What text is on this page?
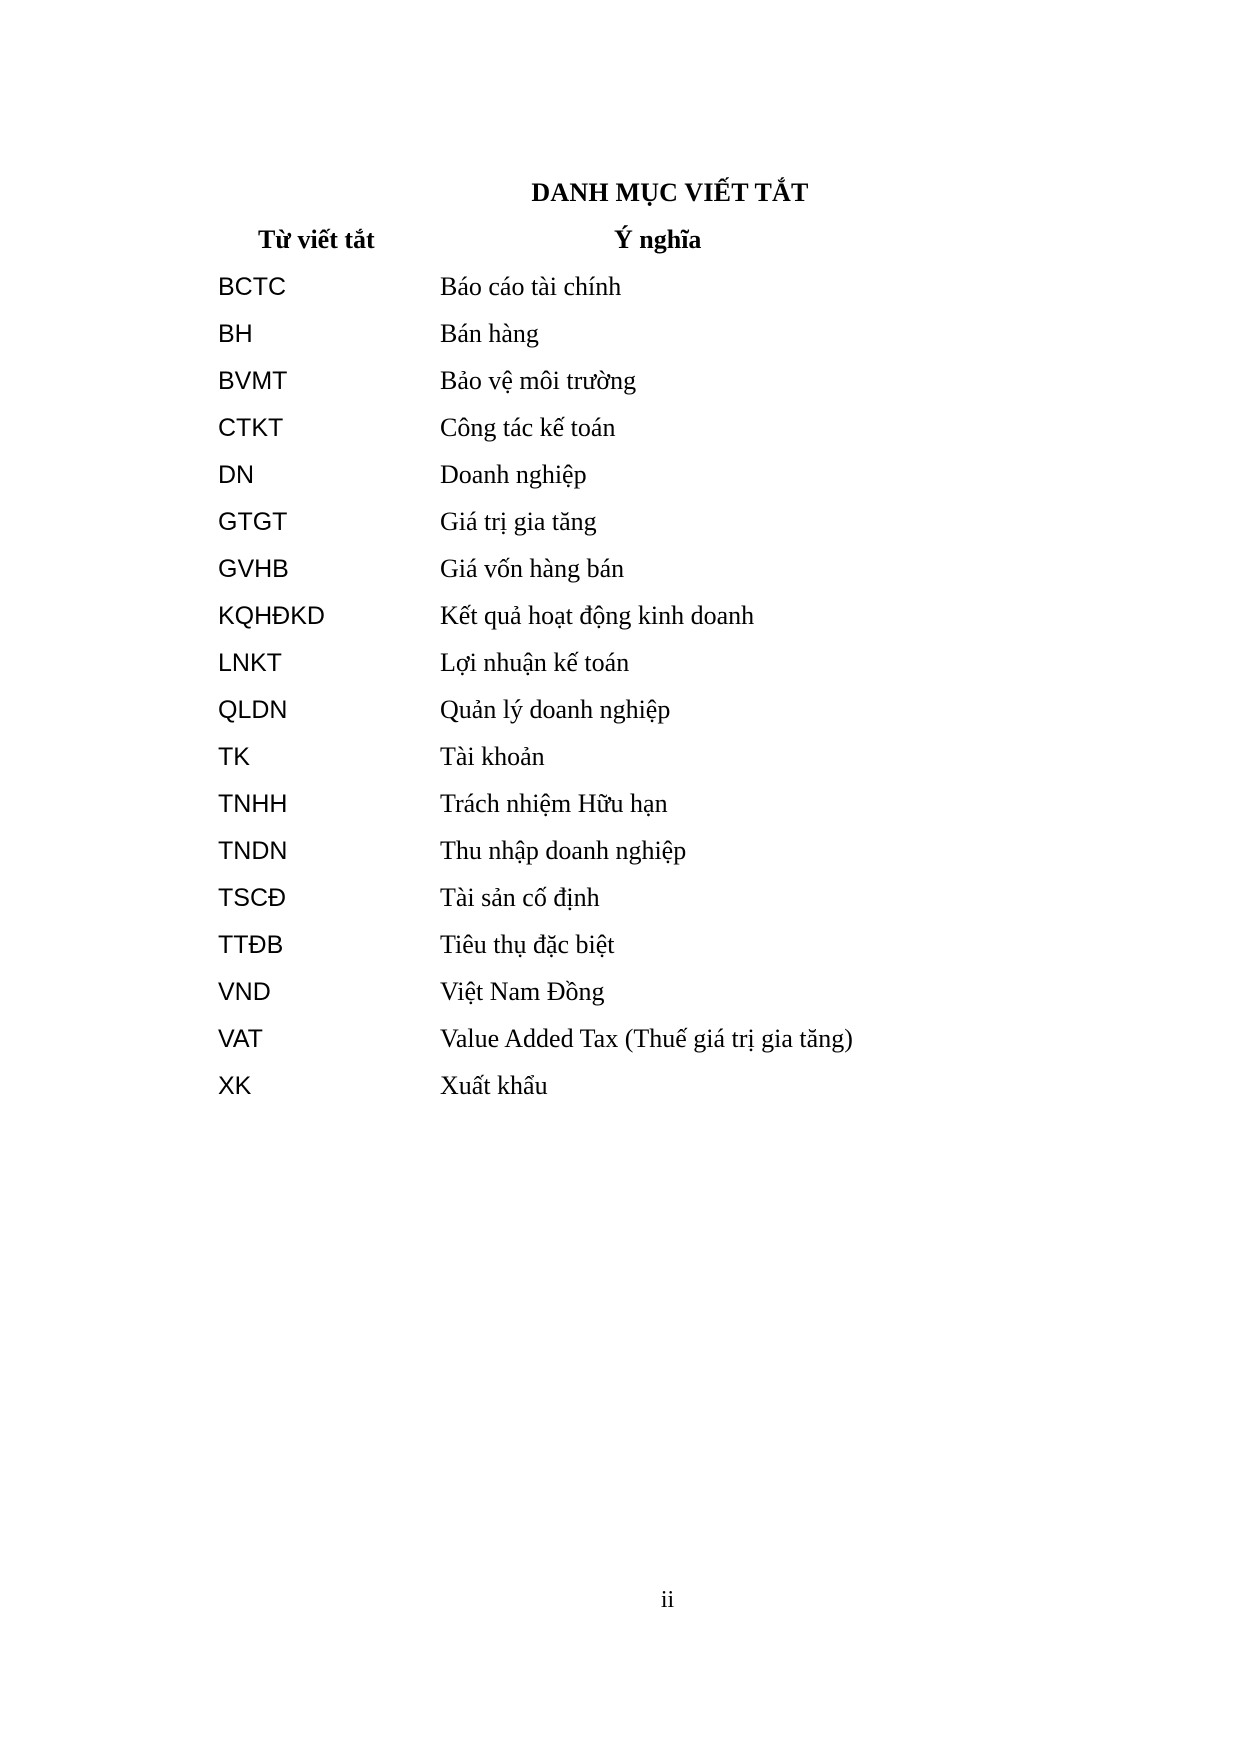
DANH MỤC VIẾT TẮT
Từ viết tắt	Ý nghĩa
BCTC	Báo cáo tài chính
BH	Bán hàng
BVMT	Bảo vệ môi trường
CTKT	Công tác kế toán
DN	Doanh nghiệp
GTGT	Giá trị gia tăng
GVHB	Giá vốn hàng bán
KQHĐKD	Kết quả hoạt động kinh doanh
LNKT	Lợi nhuận kế toán
QLDN	Quản lý doanh nghiệp
TK	Tài khoản
TNHH	Trách nhiệm Hữu hạn
TNDN	Thu nhập doanh nghiệp
TSCĐ	Tài sản cố định
TTĐB	Tiêu thụ đặc biệt
VND	Việt Nam Đồng
VAT	Value Added Tax (Thuế giá trị gia tăng)
XK	Xuất khẩu
ii
